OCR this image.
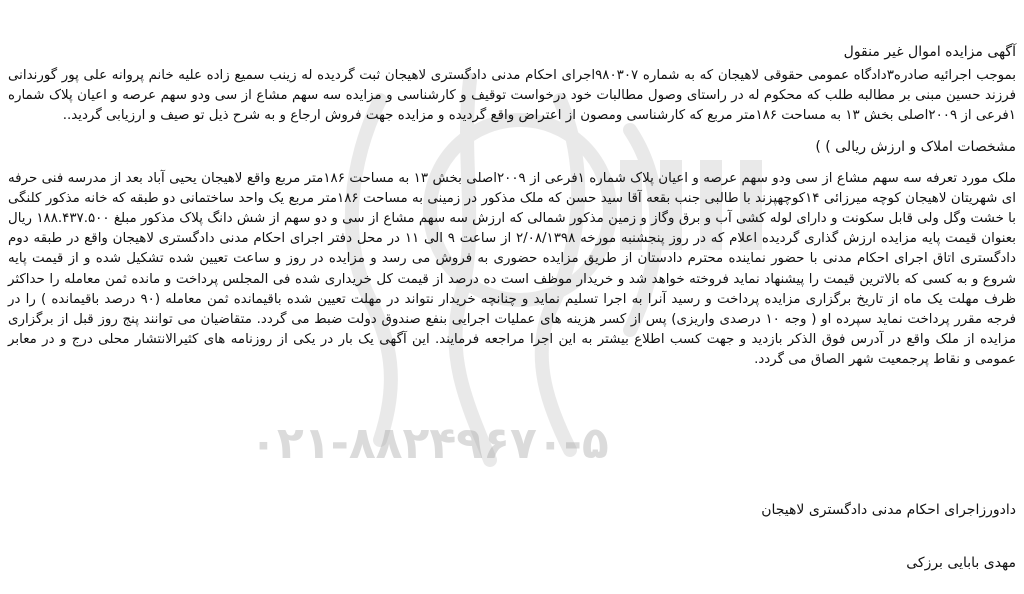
۰۲۱-۸۸۲۴۹۶۷۰-۵
آگهی مزایده اموال غیر منقول

بموجب اجرائیه صادره۳دادگاه عمومی حقوقی لاهیجان که به شماره ۹۸۰۳۰۷اجرای احکام مدنی دادگستری لاهیجان ثبت گردیده له زینب سمیع زاده علیه خانم پروانه علی پور گورندانی فرزند حسین مبنی بر مطالبه طلب که محکوم له در راستای وصول مطالبات خود درخواست توقیف و کارشناسی و مزایده سه سهم مشاع از سی ودو سهم عرصه و اعیان پلاک شماره ۱فرعی از ۲۰۰۹اصلی بخش ۱۳ به مساحت ۱۸۶متر مربع که کارشناسی ومصون از اعتراض واقع گردیده و مزایده جهت فروش ارجاع و به شرح ذیل تو صیف و ارزیابی گردید..

مشخصات املاک و ارزش ریالی ) )

ملک مورد تعرفه سه سهم مشاع از سی ودو سهم عرصه و اعیان پلاک شماره ۱فرعی از ۲۰۰۹اصلی بخش ۱۳ به مساحت ۱۸۶متر مربع واقع لاهیجان یحیی آباد بعد از مدرسه فنی حرفه ای شهریتان لاهیجان کوچه میرزائی ۱۴کوچهپزند با طالبی جنب بقعه آقا سید حسن که ملک مذکور در زمینی به مساحت ۱۸۶متر مربع یک واحد ساختمانی دو طبقه که خانه مذکور کلنگی با خشت وگل ولی قابل سکونت و دارای لوله کشی آب و برق وگاز و زمین مذکور شمالی که ارزش سه سهم مشاع از سی و دو سهم از شش دانگ پلاک مذکور مبلغ ۱۸۸.۴۳۷.۵۰۰ ریال بعنوان قیمت پایه مزایده ارزش گذاری گردیده اعلام که در روز پنجشنبه مورخه ۲/۰۸/۱۳۹۸ از ساعت ۹ الی ۱۱ در محل دفتر اجرای احکام مدنی دادگستری لاهیجان واقع در طبقه دوم دادگستری اتاق اجرای احکام مدنی با حضور نماینده محترم دادستان از طریق مزایده حضوری به فروش می رسد و مزایده در روز و ساعت تعیین شده تشکیل شده و از قیمت پایه شروع و به کسی که بالاترین قیمت را پیشنهاد نماید فروخته خواهد شد و خریدار موظف است ده درصد از قیمت کل خریداری شده فی المجلس پرداخت و مانده ثمن معامله را حداکثر ظرف مهلت یک ماه از تاریخ برگزاری مزایده پرداخت و رسید آنرا به اجرا تسلیم نماید و چنانچه خریدار نتواند در مهلت تعیین شده باقیمانده ثمن معامله (۹۰ درصد باقیمانده ) را در فرجه مقرر پرداخت نماید سپرده او ( وجه ۱۰ درصدی واریزی) پس از کسر هزینه های عملیات اجرایی بنفع صندوق دولت ضبط می گردد. متقاضیان می توانند پنج روز قبل از برگزاری مزایده از ملک واقع در آدرس فوق الذکر بازدید و جهت کسب اطلاع بیشتر به این اجرا مراجعه فرمایند. این آگهی یک بار در یکی از روزنامه های کثیرالانتشار محلی درج و در معابر عمومی و نقاط پرجمعیت شهر الصاق می گردد.

دادورزاجرای احکام مدنی دادگستری لاهیجان
مهدی بابایی برزکی
